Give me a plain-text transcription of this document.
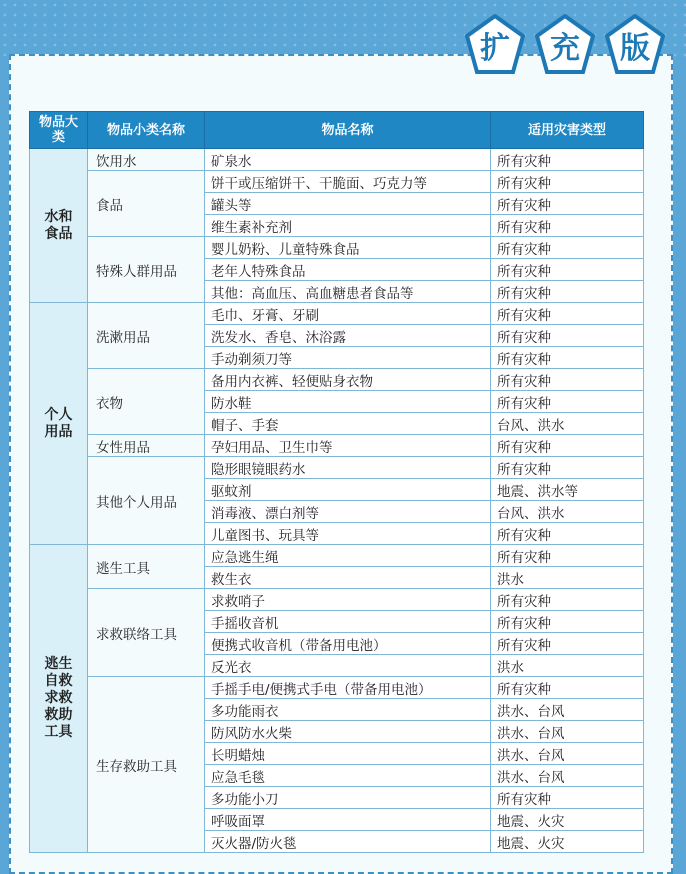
扩	充	版
物品大类	物品小类名称	物品名称	适用灾害类型

水和
食品	饮用水	矿泉水	所有灾种
	食品	饼干或压缩饼干、干脆面、巧克力等	所有灾种
		罐头等	所有灾种
		维生素补充剂	所有灾种
	特殊人群用品	婴儿奶粉、儿童特殊食品	所有灾种
		老年人特殊食品	所有灾种
		其他：高血压、高血糖患者食品等	所有灾种

个人
用品	洗漱用品	毛巾、牙膏、牙刷	所有灾种
		洗发水、香皂、沐浴露	所有灾种
		手动剃须刀等	所有灾种
	衣物	备用内衣裤、轻便贴身衣物	所有灾种
		防水鞋	所有灾种
		帽子、手套	台风、洪水
	女性用品	孕妇用品、卫生巾等	所有灾种
	其他个人用品	隐形眼镜眼药水	所有灾种
		驱蚊剂	地震、洪水等
		消毒液、漂白剂等	台风、洪水
		儿童图书、玩具等	所有灾种

逃生
自救
求救
救助
工具	逃生工具	应急逃生绳	所有灾种
		救生衣	洪水
	求救联络工具	求救哨子	所有灾种
		手摇收音机	所有灾种
		便携式收音机（带备用电池）	所有灾种
		反光衣	洪水
	生存救助工具	手摇手电/便携式手电（带备用电池）	所有灾种
		多功能雨衣	洪水、台风
		防风防水火柴	洪水、台风
		长明蜡烛	洪水、台风
		应急毛毯	洪水、台风
		多功能小刀	所有灾种
		呼吸面罩	地震、火灾
		灭火器/防火毯	地震、火灾
